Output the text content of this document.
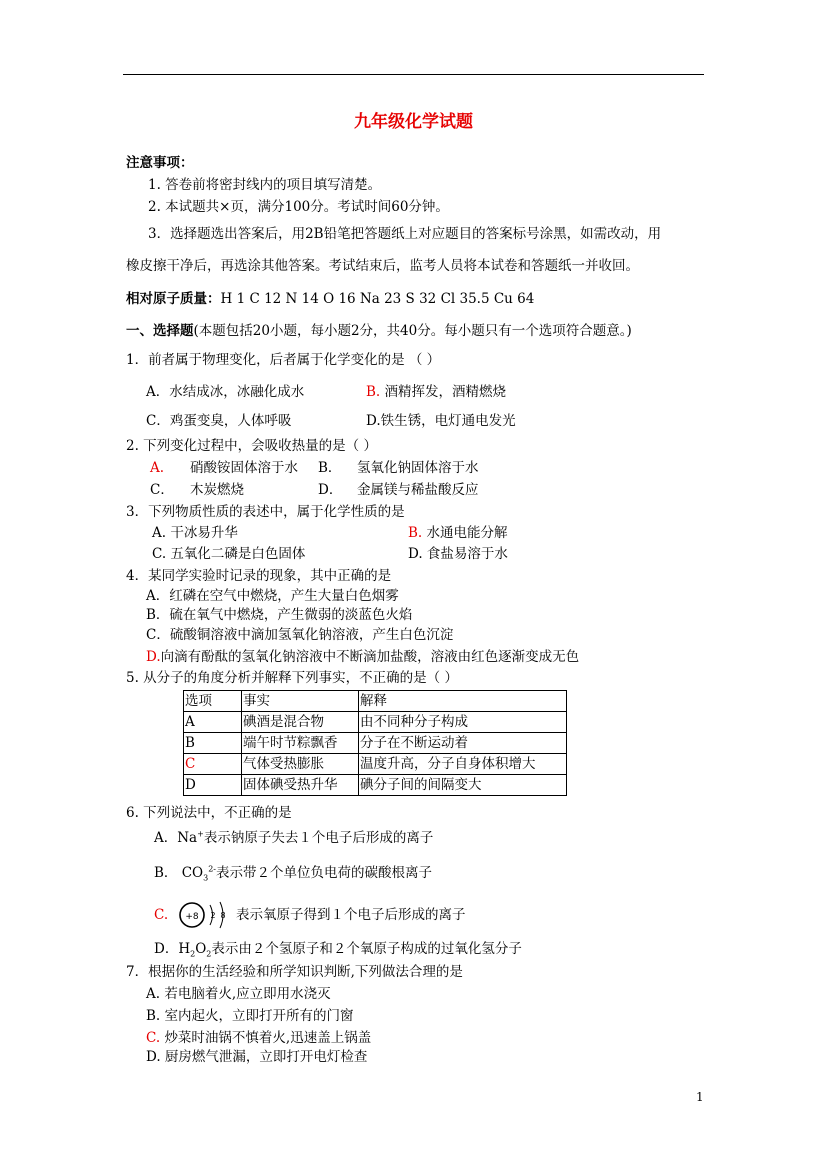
九年级化学试题
注意事项：
1. 答卷前将密封线内的项目填写清楚。
2. 本试题共×页，满分100分。考试时间60分钟。
3．选择题选出答案后，用2B铅笔把答题纸上对应题目的答案标号涂黑，如需改动，用
橡皮擦干净后，再选涂其他答案。考试结束后，监考人员将本试卷和答题纸一并收回。
相对原子质量：H 1 C 12 N 14 O 16 Na 23 S 32 Cl 35.5 Cu 64
一、选择题(本题包括20小题，每小题2分，共40分。每小题只有一个选项符合题意。)
1．前者属于物理变化，后者属于化学变化的是 （ ）
A．水结成冰，冰融化成水	B. 酒精挥发，酒精燃烧
C．鸡蛋变臭，人体呼吸	D.铁生锈，电灯通电发光
2. 下列变化过程中，会吸收热量的是（ ）
A. 硝酸铵固体溶于水 B． 氢氧化钠固体溶于水
C． 木炭燃烧	D． 金属镁与稀盐酸反应
3．下列物质性质的表述中，属于化学性质的是
A. 干冰易升华	B. 水通电能分解
C. 五氧化二磷是白色固体	D. 食盐易溶于水
4．某同学实验时记录的现象，其中正确的是
A．红磷在空气中燃烧，产生大量白色烟雾
B．硫在氧气中燃烧，产生微弱的淡蓝色火焰
C．硫酸铜溶液中滴加氢氧化钠溶液，产生白色沉淀
D.向滴有酚酞的氢氧化钠溶液中不断滴加盐酸，溶液由红色逐渐变成无色
5. 从分子的角度分析并解释下列事实，不正确的是（ ）
选项	事实	解释
A	碘酒是混合物	由不同种分子构成
B	端午时节粽飘香	分子在不断运动着
C	气体受热膨胀	温度升高，分子自身体积增大
D	固体碘受热升华	碘分子间的间隔变大
6. 下列说法中，不正确的是
A．Na+表示钠原子失去１个电子后形成的离子
B． $CO_3^{2-}$表示带２个单位负电荷的碳酸根离子
C. +8 2 8 表示氧原子得到１个电子后形成的离子
D．$H_2O_2$表示由２个氢原子和２个氧原子构成的过氧化氢分子
7．根据你的生活经验和所学知识判断,下列做法合理的是
A. 若电脑着火,应立即用水浇灭
B. 室内起火，立即打开所有的门窗
C. 炒菜时油锅不慎着火,迅速盖上锅盖
D. 厨房燃气泄漏，立即打开电灯检查
1
